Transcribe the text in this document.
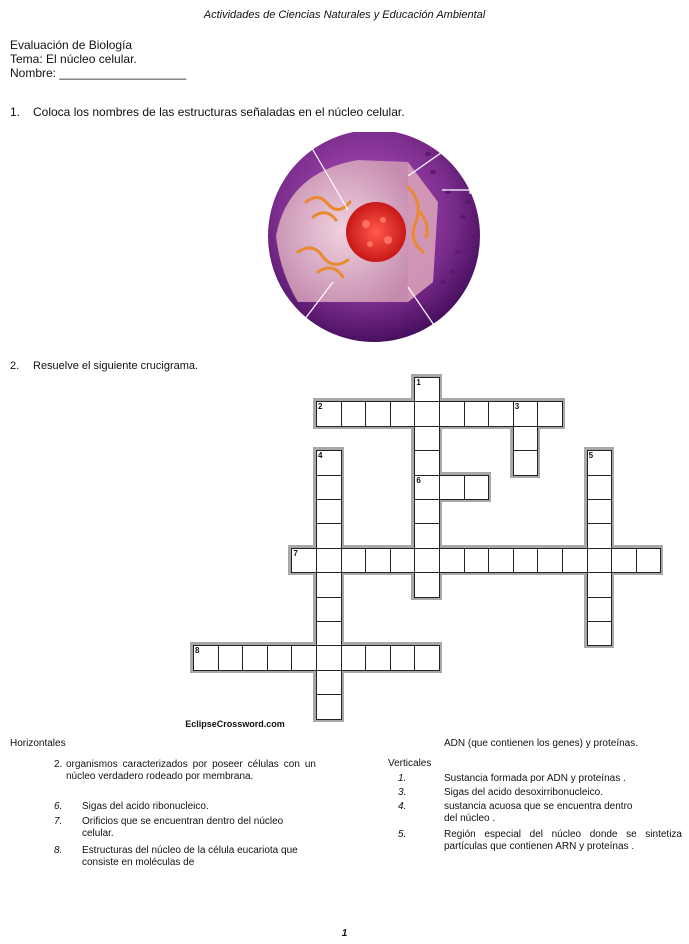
Actividades de Ciencias Naturales y Educación Ambiental
Evaluación de Biología
Tema: El núcleo celular.
Nombre: ___________________
1. Coloca los nombres de las estructuras señaladas en el núcleo celular.
2. Resuelve el siguiente crucigrama.
1
2	3
4	5
6
7
8
EclipseCrossword.com
Horizontales	ADN (que contienen los genes) y proteínas.
Verticales
2. organismos caracterizados por poseer células con un núcleo verdadero rodeado por membrana.
6. Sigas del acido ribonucleico.
7. Orificios que se encuentran dentro del núcleo celular.
8. Estructuras del núcleo de la célula eucariota que consiste en moléculas de
1.	Sustancia formada por ADN y proteínas .
3.	Sigas del acido desoxirribonucleico.
4.	sustancia acuosa que se encuentra dentro del núcleo .
5.	Región especial del núcleo donde se sintetiza partículas que contienen ARN y proteínas .
1
